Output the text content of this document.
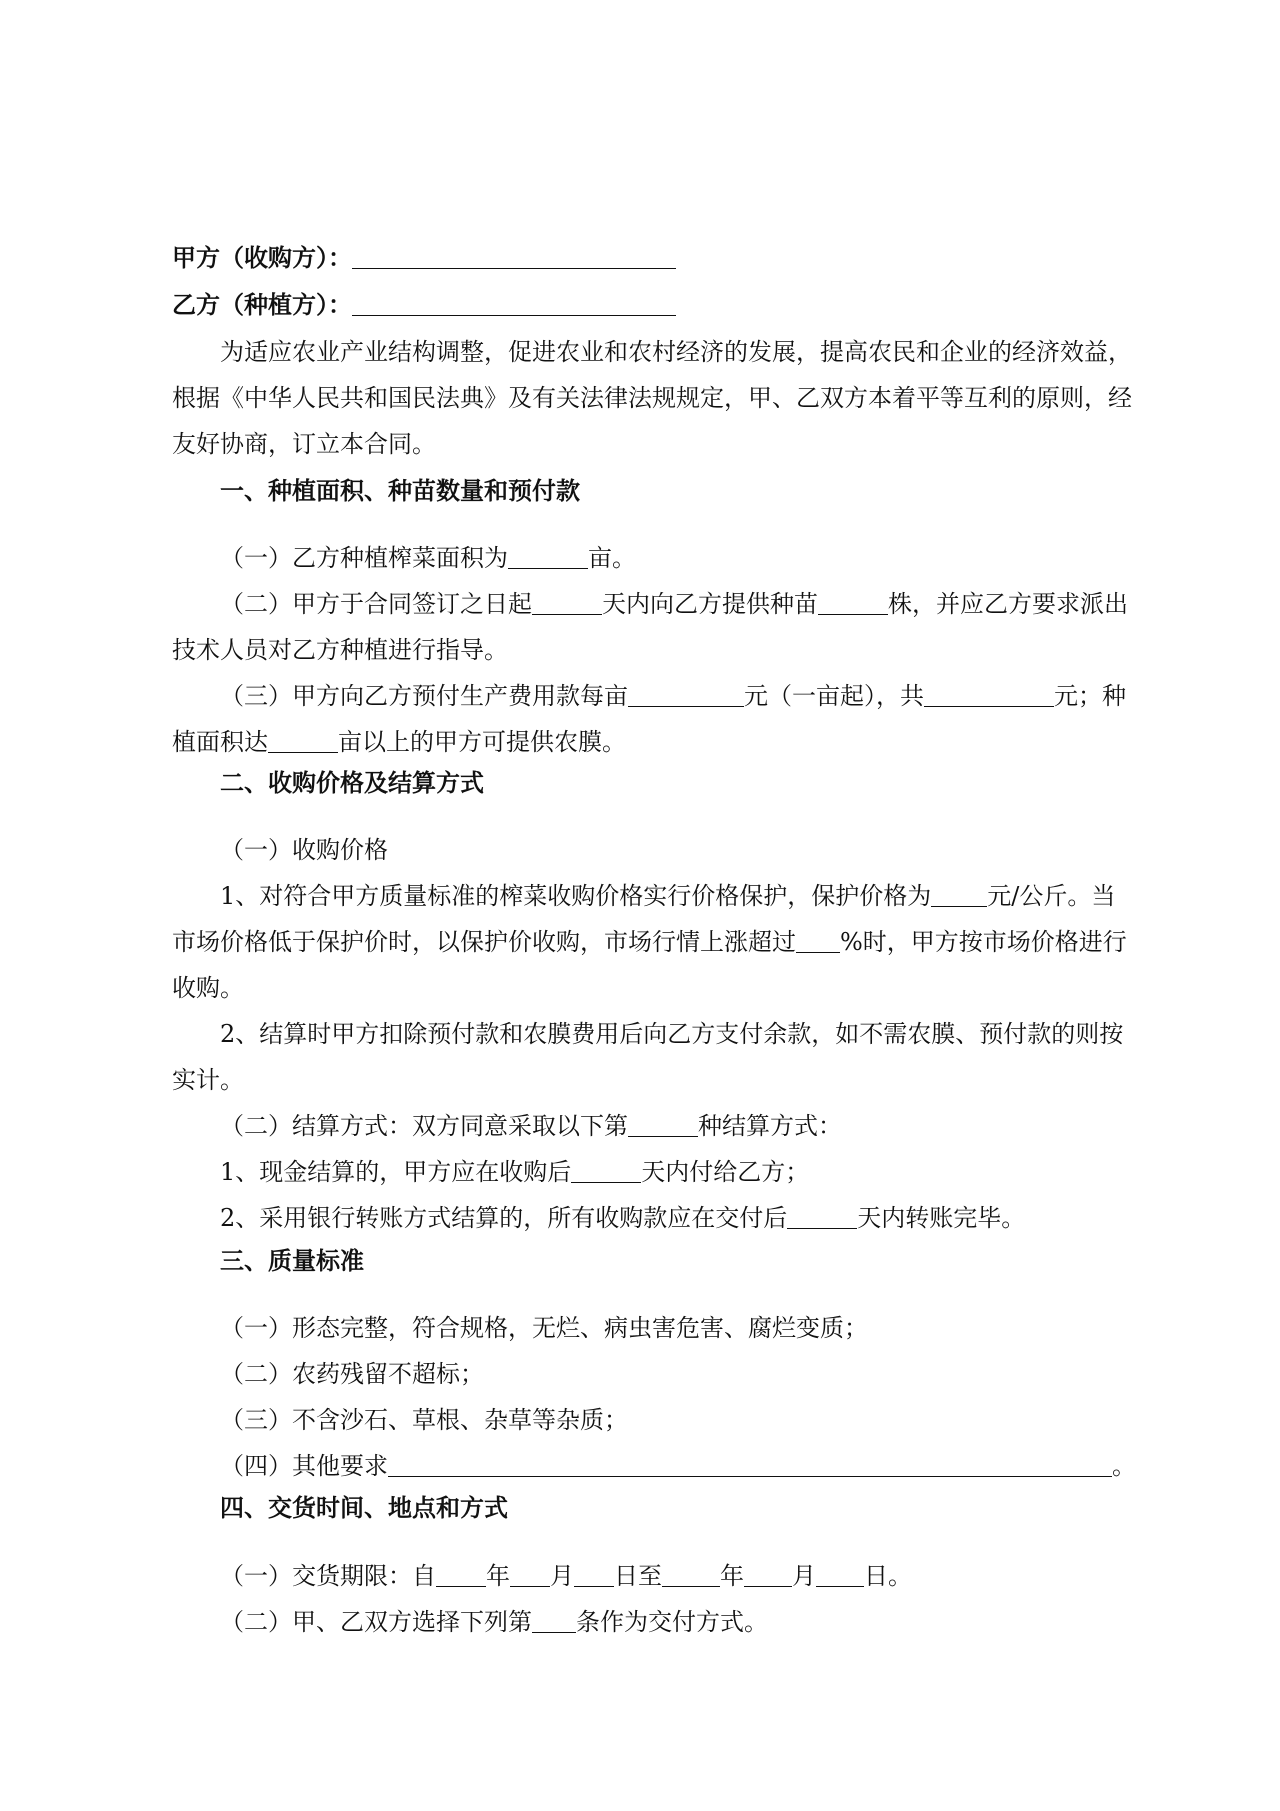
甲方（收购方）：
乙方（种植方）：
为适应农业产业结构调整，促进农业和农村经济的发展，提高农民和企业的经济效益，
根据《中华人民共和国民法典》及有关法律法规规定，甲、乙双方本着平等互利的原则，经
友好协商，订立本合同。
一、种植面积、种苗数量和预付款
（一）乙方种植榨菜面积为	亩。
（二）甲方于合同签订之日起	天内向乙方提供种苗	株，并应乙方要求派出
技术人员对乙方种植进行指导。
（三）甲方向乙方预付生产费用款每亩	元（一亩起），共	元；种
植面积达	亩以上的甲方可提供农膜。
二、收购价格及结算方式
（一）收购价格
1、对符合甲方质量标准的榨菜收购价格实行价格保护，保护价格为 元/公斤。当
市场价格低于保护价时，以保护价收购，市场行情上涨超过 %时，甲方按市场价格进行
收购。
2、结算时甲方扣除预付款和农膜费用后向乙方支付余款，如不需农膜、预付款的则按
实计。
（二）结算方式：双方同意采取以下第	种结算方式：
1、现金结算的，甲方应在收购后	天内付给乙方；
2、采用银行转账方式结算的，所有收购款应在交付后	天内转账完毕。
三、质量标准
（一）形态完整，符合规格，无烂、病虫害危害、腐烂变质；
（二）农药残留不超标；
（三）不含沙石、草根、杂草等杂质；
（四）其他要求	。
四、交货时间、地点和方式
（一）交货期限：自 年 月 日至 年 月 日。
（二）甲、乙双方选择下列第 条作为交付方式。
